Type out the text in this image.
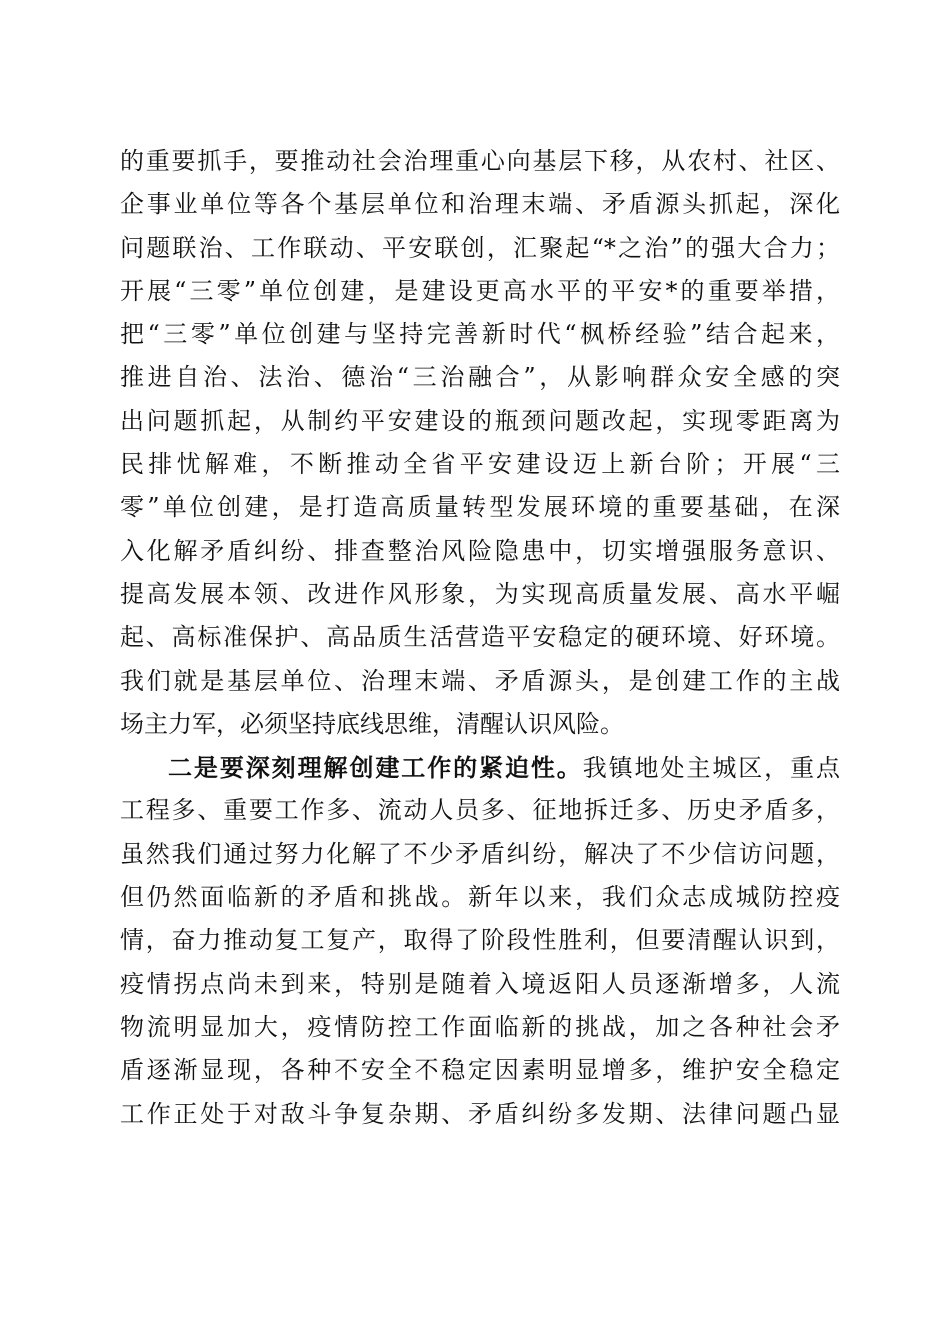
的重要抓手，要推动社会治理重心向基层下移，从农村、社区、
企事业单位等各个基层单位和治理末端、矛盾源头抓起，深化
问题联治、工作联动、平安联创，汇聚起“*之治”的强大合力；
开展“三零”单位创建，是建设更高水平的平安*的重要举措，
把“三零”单位创建与坚持完善新时代“枫桥经验”结合起来，
推进自治、法治、德治“三治融合”，从影响群众安全感的突
出问题抓起，从制约平安建设的瓶颈问题改起，实现零距离为
民排忧解难，不断推动全省平安建设迈上新台阶；开展“三
零”单位创建，是打造高质量转型发展环境的重要基础，在深
入化解矛盾纠纷、排查整治风险隐患中，切实增强服务意识、
提高发展本领、改进作风形象，为实现高质量发展、高水平崛
起、高标准保护、高品质生活营造平安稳定的硬环境、好环境。
我们就是基层单位、治理末端、矛盾源头，是创建工作的主战
场主力军，必须坚持底线思维，清醒认识风险。
二是要深刻理解创建工作的紧迫性。我镇地处主城区，重点
工程多、重要工作多、流动人员多、征地拆迁多、历史矛盾多，
虽然我们通过努力化解了不少矛盾纠纷，解决了不少信访问题，
但仍然面临新的矛盾和挑战。新年以来，我们众志成城防控疫
情，奋力推动复工复产，取得了阶段性胜利，但要清醒认识到，
疫情拐点尚未到来，特别是随着入境返阳人员逐渐增多，人流
物流明显加大，疫情防控工作面临新的挑战，加之各种社会矛
盾逐渐显现，各种不安全不稳定因素明显增多，维护安全稳定
工作正处于对敌斗争复杂期、矛盾纠纷多发期、法律问题凸显
